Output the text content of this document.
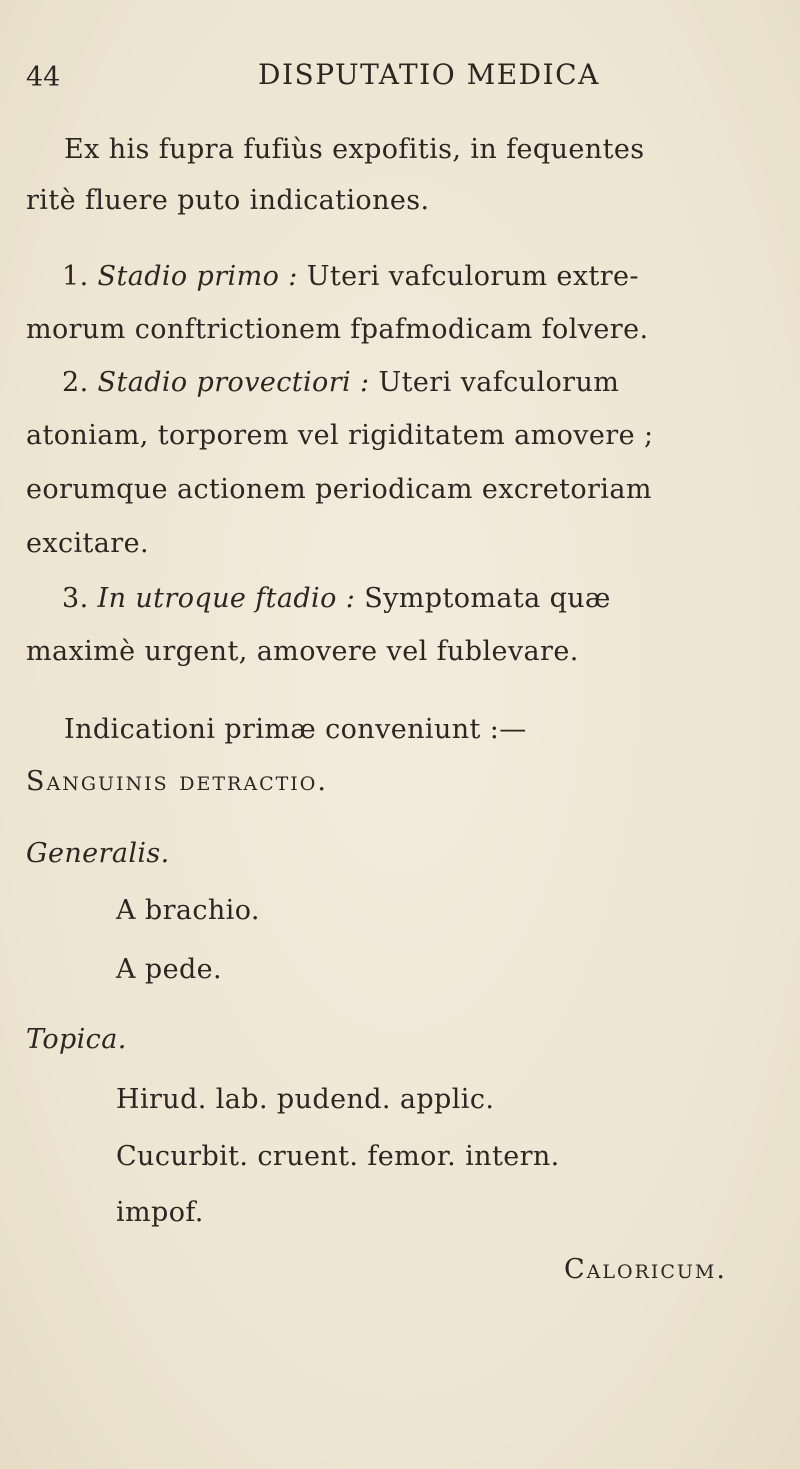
44	DISPUTATIO MEDICA
Ex his fupra fufiùs expofitis, in fequentes
ritè fluere puto indicationes.
1. Stadio primo : Uteri vafculorum extre-
morum conftrictionem fpafmodicam folvere.
2. Stadio provectiori : Uteri vafculorum
atoniam, torporem vel rigiditatem amovere ;
eorumque actionem periodicam excretoriam
excitare.
3. In utroque ftadio : Symptomata quæ
maximè urgent, amovere vel fublevare.
Indicationi primæ conveniunt :—
Sanguinis detractio.
Generalis.
A brachio.
A pede.
Topica.
Hirud. lab. pudend. applic.
Cucurbit. cruent. femor. intern.
impof.
Caloricum.
